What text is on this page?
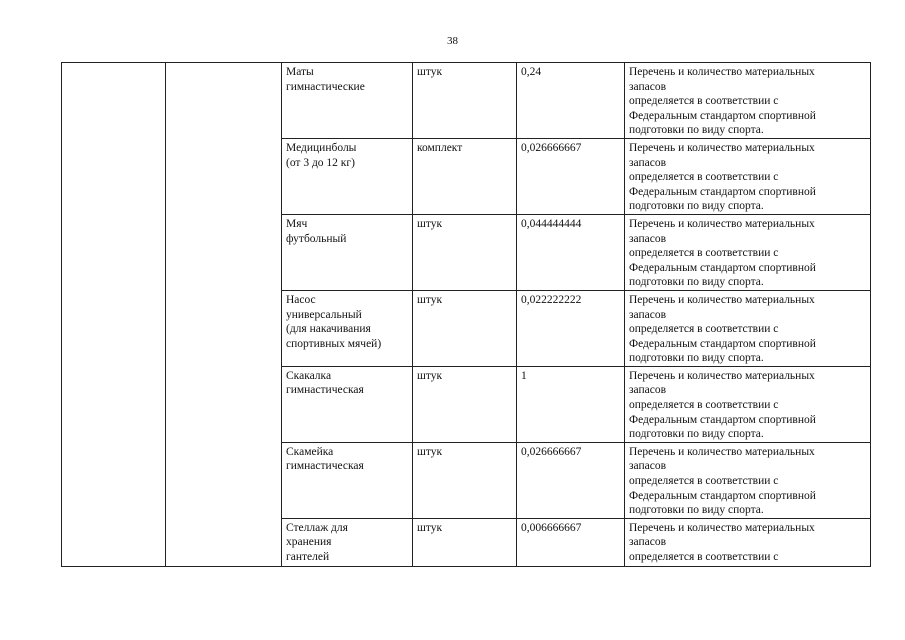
38
		Маты
гимнастические	штук	0,24	Перечень и количество материальных
запасов
определяется в соответствии с
Федеральным стандартом спортивной
подготовки по виду спорта.

		Медицинболы
(от 3 до 12 кг)	комплект	0,026666667	Перечень и количество материальных
запасов
определяется в соответствии с
Федеральным стандартом спортивной
подготовки по виду спорта.

		Мяч
футбольный	штук	0,044444444	Перечень и количество материальных
запасов
определяется в соответствии с
Федеральным стандартом спортивной
подготовки по виду спорта.

		Насос
универсальный
(для накачивания
спортивных мячей)	штук	0,022222222	Перечень и количество материальных
запасов
определяется в соответствии с
Федеральным стандартом спортивной
подготовки по виду спорта.

		Скакалка
гимнастическая	штук	1	Перечень и количество материальных
запасов
определяется в соответствии с
Федеральным стандартом спортивной
подготовки по виду спорта.

		Скамейка
гимнастическая	штук	0,026666667	Перечень и количество материальных
запасов
определяется в соответствии с
Федеральным стандартом спортивной
подготовки по виду спорта.

		Стеллаж для
хранения
гантелей	штук	0,006666667	Перечень и количество материальных
запасов
определяется в соответствии с
